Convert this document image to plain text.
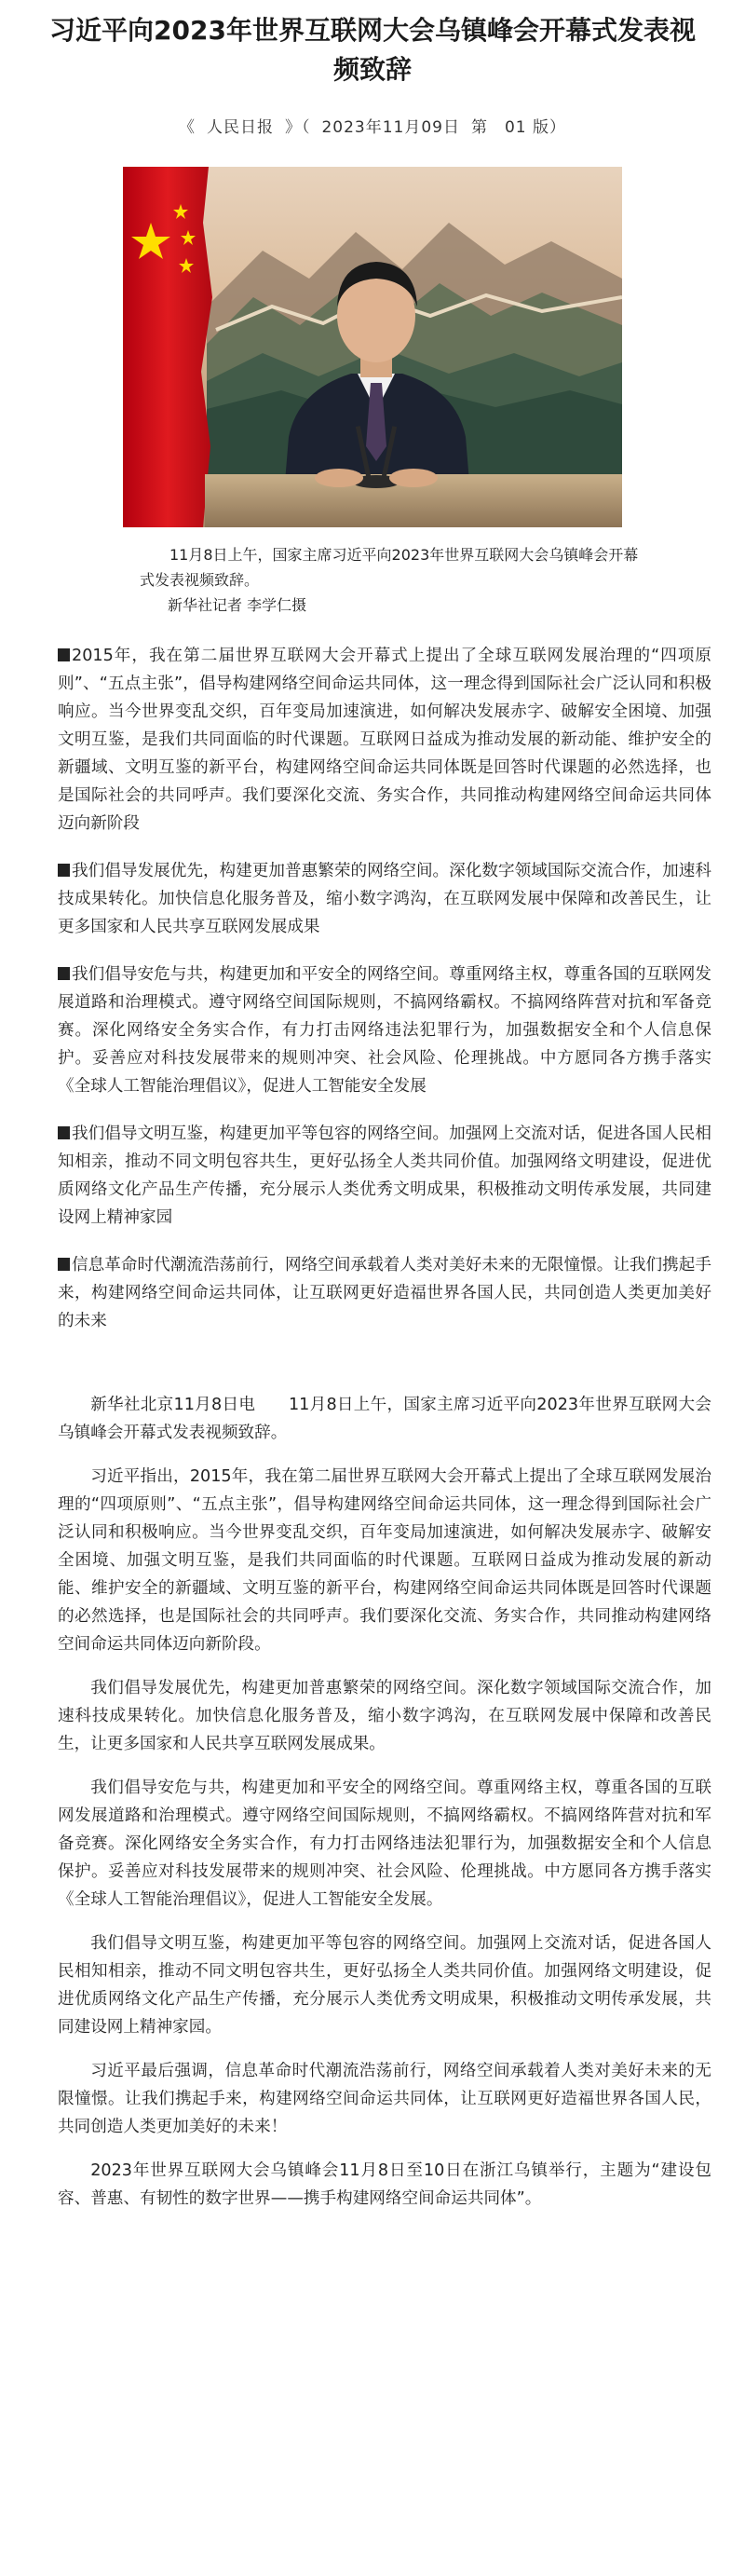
习近平向2023年世界互联网大会乌镇峰会开幕式发表视频致辞
《 人民日报 》（ 2023年11月09日 第　01 版）

11月8日上午，国家主席习近平向2023年世界互联网大会乌镇峰会开幕式发表视频致辞。

新华社记者 李学仁摄

2015年，我在第二届世界互联网大会开幕式上提出了全球互联网发展治理的“四项原则”、“五点主张”，倡导构建网络空间命运共同体，这一理念得到国际社会广泛认同和积极响应。当今世界变乱交织，百年变局加速演进，如何解决发展赤字、破解安全困境、加强文明互鉴，是我们共同面临的时代课题。互联网日益成为推动发展的新动能、维护安全的新疆域、文明互鉴的新平台，构建网络空间命运共同体既是回答时代课题的必然选择，也是国际社会的共同呼声。我们要深化交流、务实合作，共同推动构建网络空间命运共同体迈向新阶段

我们倡导发展优先，构建更加普惠繁荣的网络空间。深化数字领域国际交流合作，加速科技成果转化。加快信息化服务普及，缩小数字鸿沟，在互联网发展中保障和改善民生，让更多国家和人民共享互联网发展成果

我们倡导安危与共，构建更加和平安全的网络空间。尊重网络主权，尊重各国的互联网发展道路和治理模式。遵守网络空间国际规则，不搞网络霸权。不搞网络阵营对抗和军备竞赛。深化网络安全务实合作，有力打击网络违法犯罪行为，加强数据安全和个人信息保护。妥善应对科技发展带来的规则冲突、社会风险、伦理挑战。中方愿同各方携手落实《全球人工智能治理倡议》，促进人工智能安全发展

我们倡导文明互鉴，构建更加平等包容的网络空间。加强网上交流对话，促进各国人民相知相亲，推动不同文明包容共生，更好弘扬全人类共同价值。加强网络文明建设，促进优质网络文化产品生产传播，充分展示人类优秀文明成果，积极推动文明传承发展，共同建设网上精神家园

信息革命时代潮流浩荡前行，网络空间承载着人类对美好未来的无限憧憬。让我们携起手来，构建网络空间命运共同体，让互联网更好造福世界各国人民，共同创造人类更加美好的未来

新华社北京11月8日电　　11月8日上午，国家主席习近平向2023年世界互联网大会乌镇峰会开幕式发表视频致辞。

习近平指出，2015年，我在第二届世界互联网大会开幕式上提出了全球互联网发展治理的“四项原则”、“五点主张”，倡导构建网络空间命运共同体，这一理念得到国际社会广泛认同和积极响应。当今世界变乱交织，百年变局加速演进，如何解决发展赤字、破解安全困境、加强文明互鉴，是我们共同面临的时代课题。互联网日益成为推动发展的新动能、维护安全的新疆域、文明互鉴的新平台，构建网络空间命运共同体既是回答时代课题的必然选择，也是国际社会的共同呼声。我们要深化交流、务实合作，共同推动构建网络空间命运共同体迈向新阶段。

我们倡导发展优先，构建更加普惠繁荣的网络空间。深化数字领域国际交流合作，加速科技成果转化。加快信息化服务普及，缩小数字鸿沟，在互联网发展中保障和改善民生，让更多国家和人民共享互联网发展成果。

我们倡导安危与共，构建更加和平安全的网络空间。尊重网络主权，尊重各国的互联网发展道路和治理模式。遵守网络空间国际规则，不搞网络霸权。不搞网络阵营对抗和军备竞赛。深化网络安全务实合作，有力打击网络违法犯罪行为，加强数据安全和个人信息保护。妥善应对科技发展带来的规则冲突、社会风险、伦理挑战。中方愿同各方携手落实《全球人工智能治理倡议》，促进人工智能安全发展。

我们倡导文明互鉴，构建更加平等包容的网络空间。加强网上交流对话，促进各国人民相知相亲，推动不同文明包容共生，更好弘扬全人类共同价值。加强网络文明建设，促进优质网络文化产品生产传播，充分展示人类优秀文明成果，积极推动文明传承发展，共同建设网上精神家园。

习近平最后强调，信息革命时代潮流浩荡前行，网络空间承载着人类对美好未来的无限憧憬。让我们携起手来，构建网络空间命运共同体，让互联网更好造福世界各国人民，共同创造人类更加美好的未来！

2023年世界互联网大会乌镇峰会11月8日至10日在浙江乌镇举行，主题为“建设包容、普惠、有韧性的数字世界——携手构建网络空间命运共同体”。
